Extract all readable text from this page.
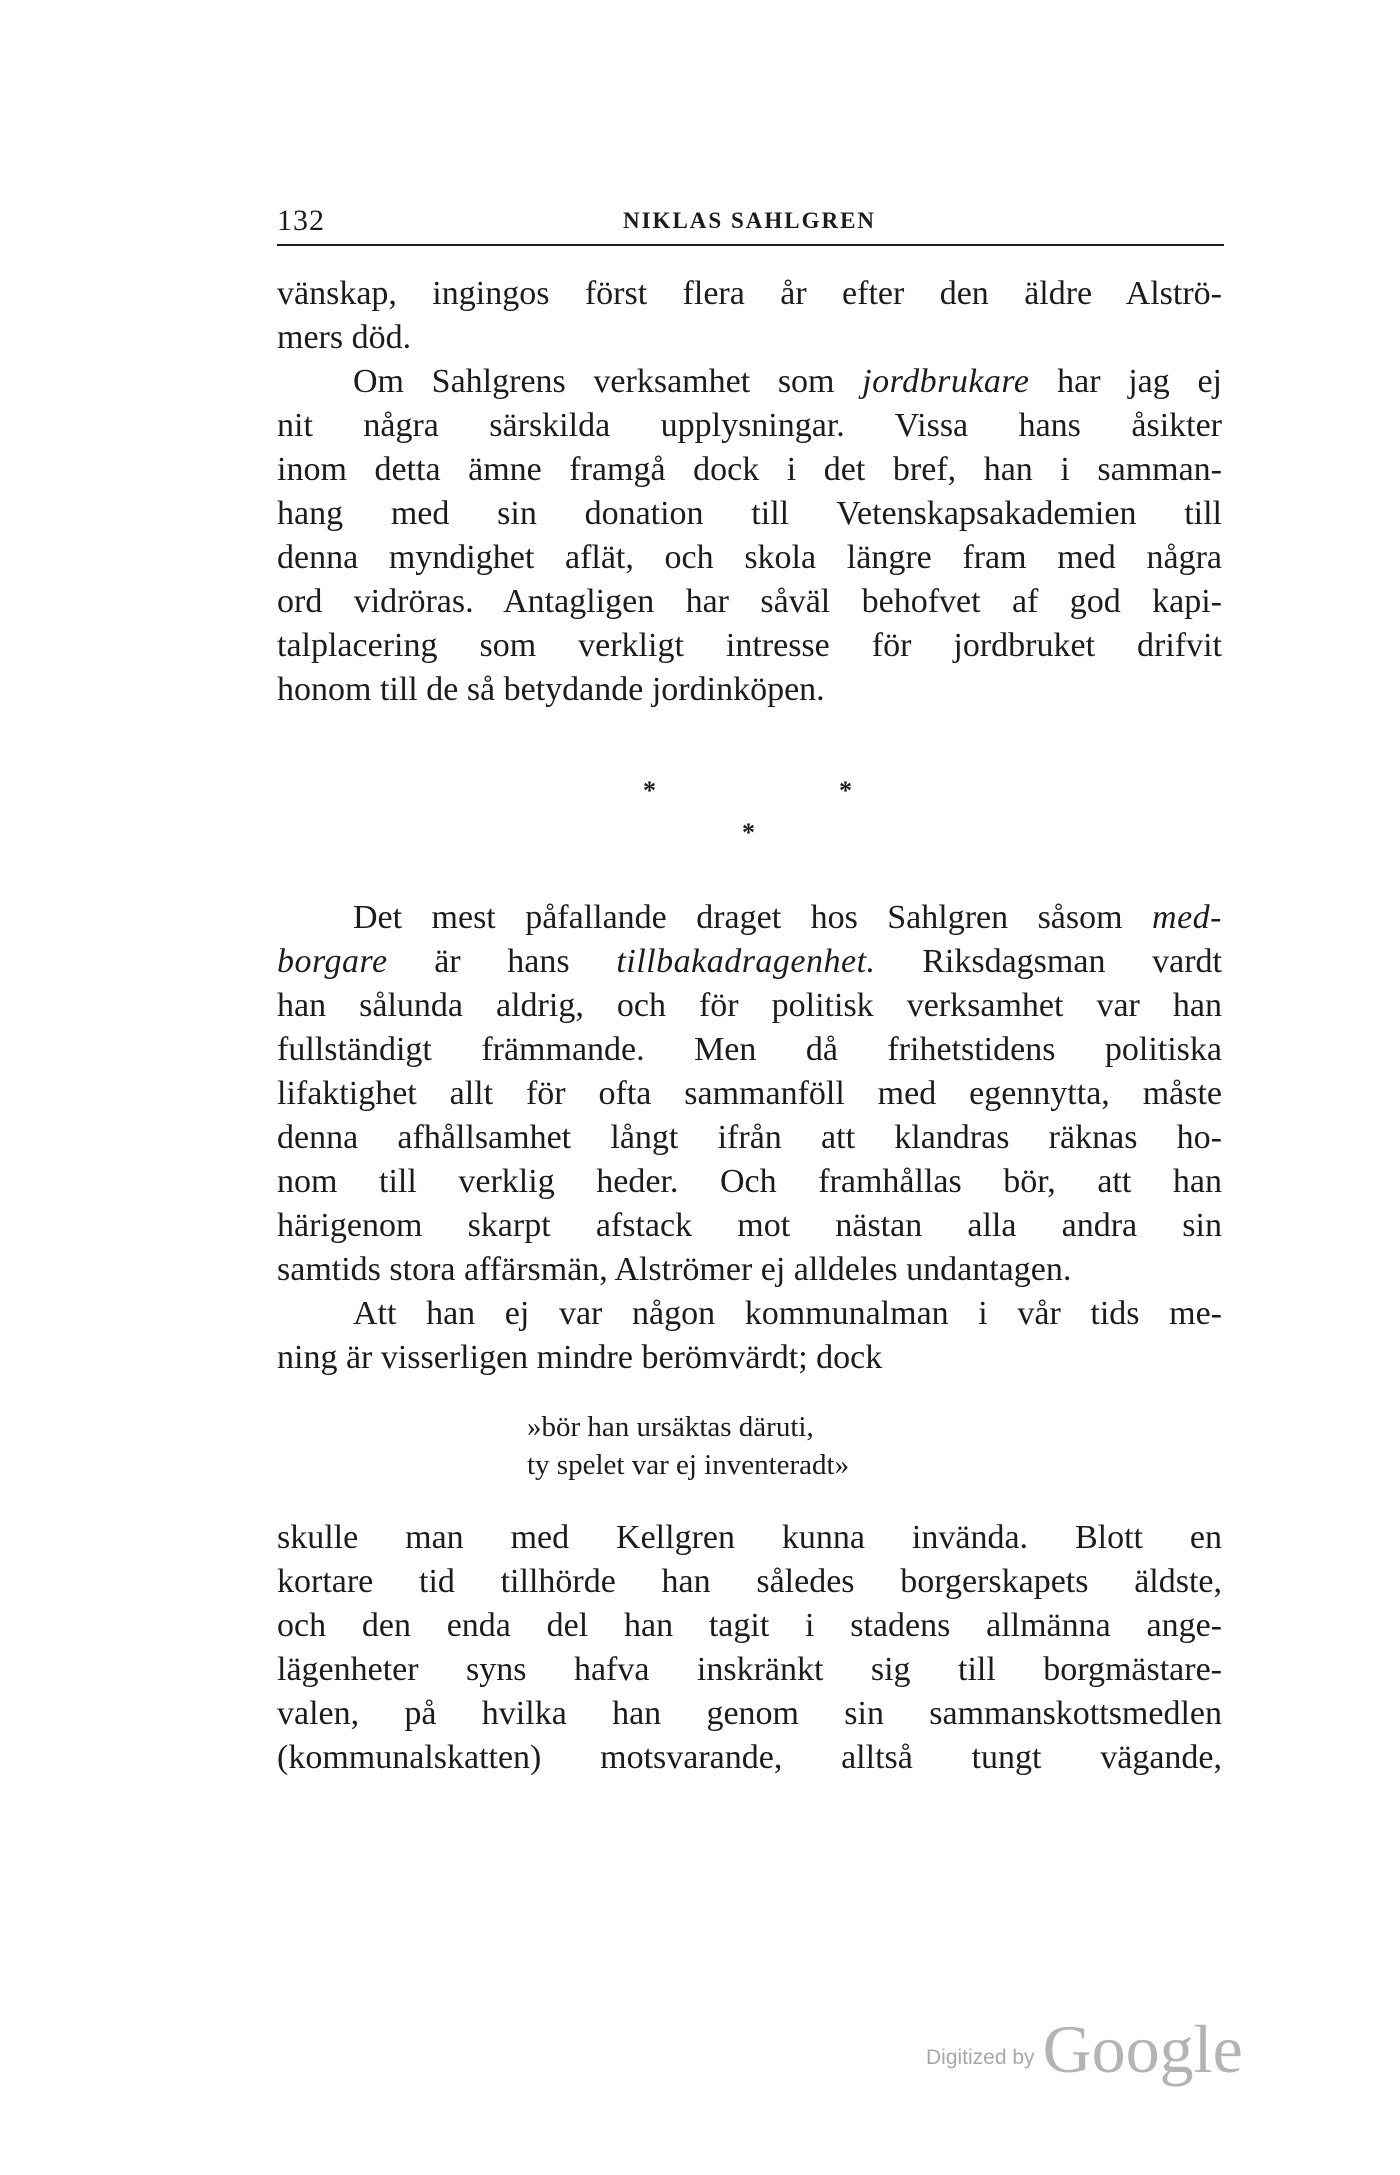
132	NIKLAS SAHLGREN
vänskap, ingingos först flera år efter den äldre Alströ-
mers död.
Om Sahlgrens verksamhet som jordbrukare har jag ej
nit några särskilda upplysningar. Vissa hans åsikter
inom detta ämne framgå dock i det bref, han i samman-
hang med sin donation till Vetenskapsakademien till
denna myndighet aflät, och skola längre fram med några
ord vidröras. Antagligen har såväl behofvet af god kapi-
talplacering som verkligt intresse för jordbruket drifvit
honom till de så betydande jordinköpen.
*	*
*
Det mest påfallande draget hos Sahlgren såsom med-
borgare är hans tillbakadragenhet. Riksdagsman vardt
han sålunda aldrig, och för politisk verksamhet var han
fullständigt främmande. Men då frihetstidens politiska
lifaktighet allt för ofta sammanföll med egennytta, måste
denna afhållsamhet långt ifrån att klandras räknas ho-
nom till verklig heder. Och framhållas bör, att han
härigenom skarpt afstack mot nästan alla andra sin
samtids stora affärsmän, Alströmer ej alldeles undantagen.
Att han ej var någon kommunalman i vår tids me-
ning är visserligen mindre berömvärdt; dock
»bör han ursäktas däruti,
ty spelet var ej inventeradt»
skulle man med Kellgren kunna invända. Blott en
kortare tid tillhörde han således borgerskapets äldste,
och den enda del han tagit i stadens allmänna ange-
lägenheter syns hafva inskränkt sig till borgmästare-
valen, på hvilka han genom sin sammanskottsmedlen
(kommunalskatten) motsvarande, alltså tungt vägande,
Digitized by Google
